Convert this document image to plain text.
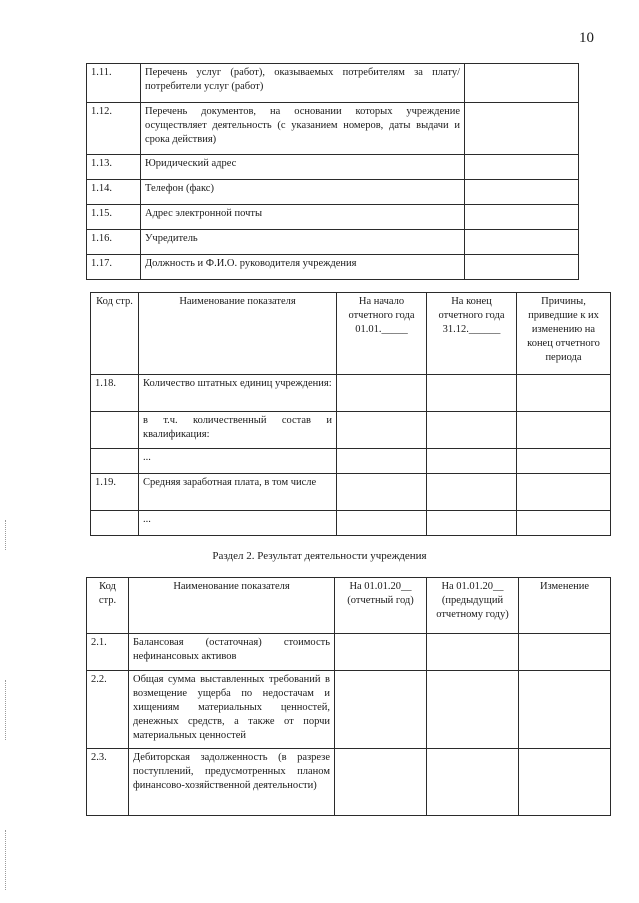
10
1.11.	Перечень услуг (работ), оказываемых потребителям за плату/потребители услуг (работ)	
1.12.	Перечень документов, на основании которых учреждение осуществляет деятельность (с указанием номеров, даты выдачи и срока действия)	
1.13.	Юридический адрес	
1.14.	Телефон (факс)	
1.15.	Адрес электронной почты	
1.16.	Учредитель	
1.17.	Должность и Ф.И.О. руководителя учреждения	
Код стр.	Наименование показателя	На начало отчетного года 01.01._____	На конец отчетного года 31.12.______	Причины, приведшие к их изменению на конец отчетного периода
1.18.	Количество штатных единиц учреждения:			
	в т.ч. количественный состав и квалификация:			
	...			
1.19.	Средняя заработная плата, в том числе			
	...			
Раздел 2. Результат деятельности учреждения
Код стр.	Наименование показателя	На 01.01.20__ (отчетный год)	На 01.01.20__ (предыдущий отчетному году)	Изменение
2.1.	Балансовая (остаточная) стоимость нефинансовых активов			
2.2.	Общая сумма выставленных требований в возмещение ущерба по недостачам и хищениям материальных ценностей, денежных средств, а также от порчи материальных ценностей			
2.3.	Дебиторская задолженность (в разрезе поступлений, предусмотренных планом финансово-хозяйственной деятельности)			
